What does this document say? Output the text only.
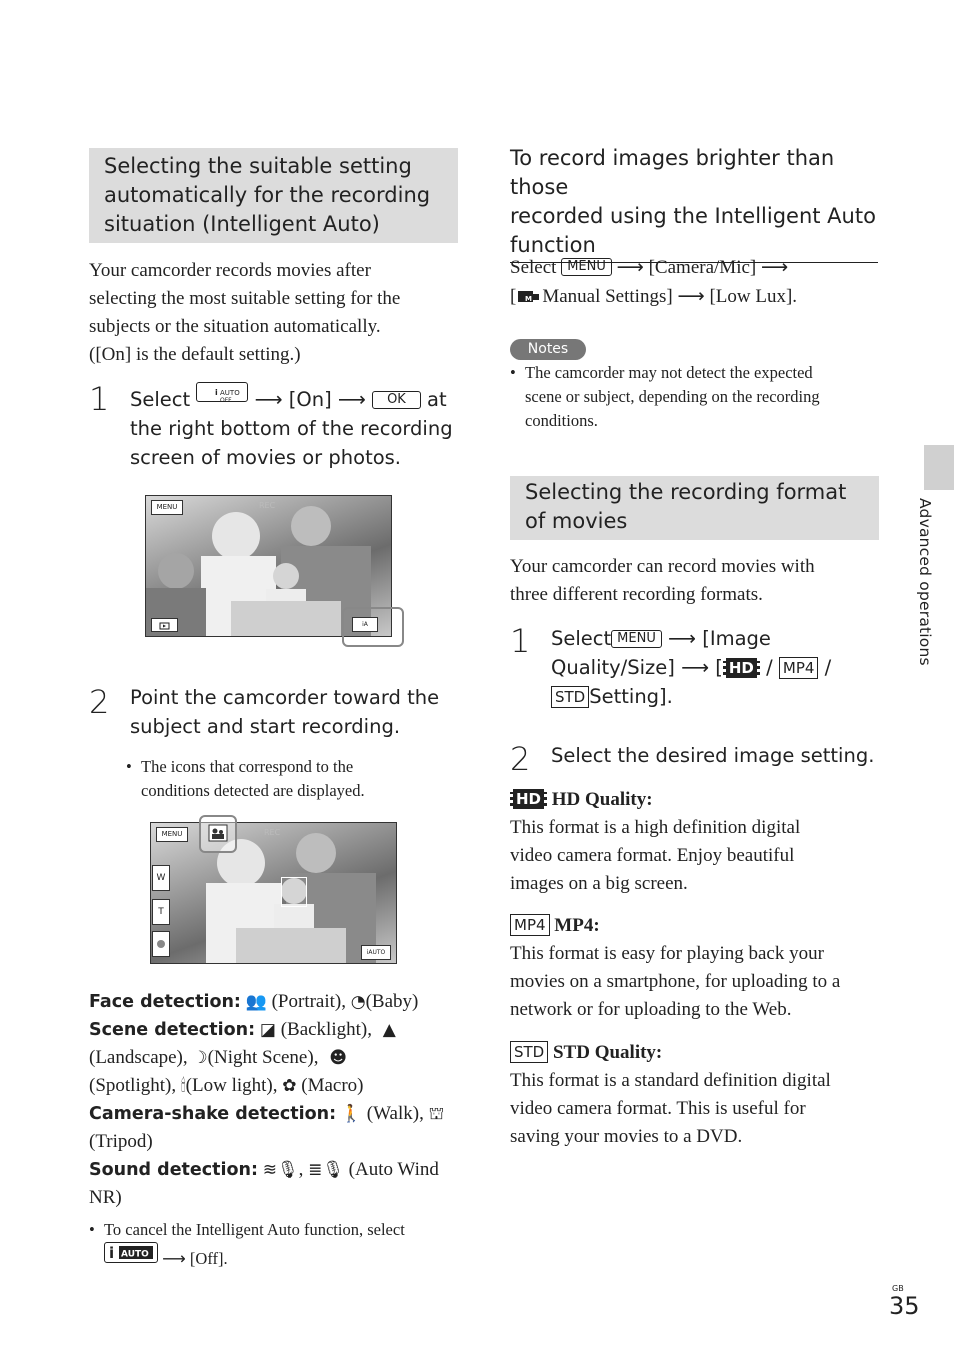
Selecting the suitable setting
automatically for the recording
situation (Intelligent Auto)
Your camcorder records movies after
selecting the most suitable setting for the
subjects or the situation automatically.
([On] is the default setting.)
1 Select	i AUTO
OFF ⟶ [On] ⟶ OK at
the right bottom of the recording
screen of movies or photos.
MENU	REC
iA
2 Point the camcorder toward the
subject and start recording.
• The icons that correspond to the
conditions detected are displayed.
MENU	REC
W
T
iAUTO
Face detection: 👥 (Portrait), ◔(Baby)
Scene detection: ◪ (Backlight), ▲
(Landscape), ☽(Night Scene), ☻
(Spotlight), 🕯(Low light), ✿ (Macro)
Camera-shake detection: 🚶 (Walk), ⛫
(Tripod)
Sound detection: ≋🎙, ≣🎙 (Auto Wind
NR)
• To cancel the Intelligent Auto function, select
i AUTO ⟶ [Off].
To record images brighter than those
recorded using the Intelligent Auto
function
Select MENU ⟶ [Camera/Mic] ⟶
[ M Manual Settings] ⟶ [Low Lux].
Notes
• The camcorder may not detect the expected
scene or subject, depending on the recording
conditions.
Selecting the recording format
of movies
Your camcorder can record movies with
three different recording formats.
1 Select MENU ⟶ [Image
Quality/Size] ⟶ [ HD / MP4 /
STD Setting].
2 Select the desired image setting.
HD HD Quality:
This format is a high definition digital
video camera format. Enjoy beautiful
images on a big screen.
MP4 MP4:
This format is easy for playing back your
movies on a smartphone, for uploading to a
network or for uploading to the Web.
STD STD Quality:
This format is a standard definition digital
video camera format. This is useful for
saving your movies to a DVD.
Advanced operations
GB
35
